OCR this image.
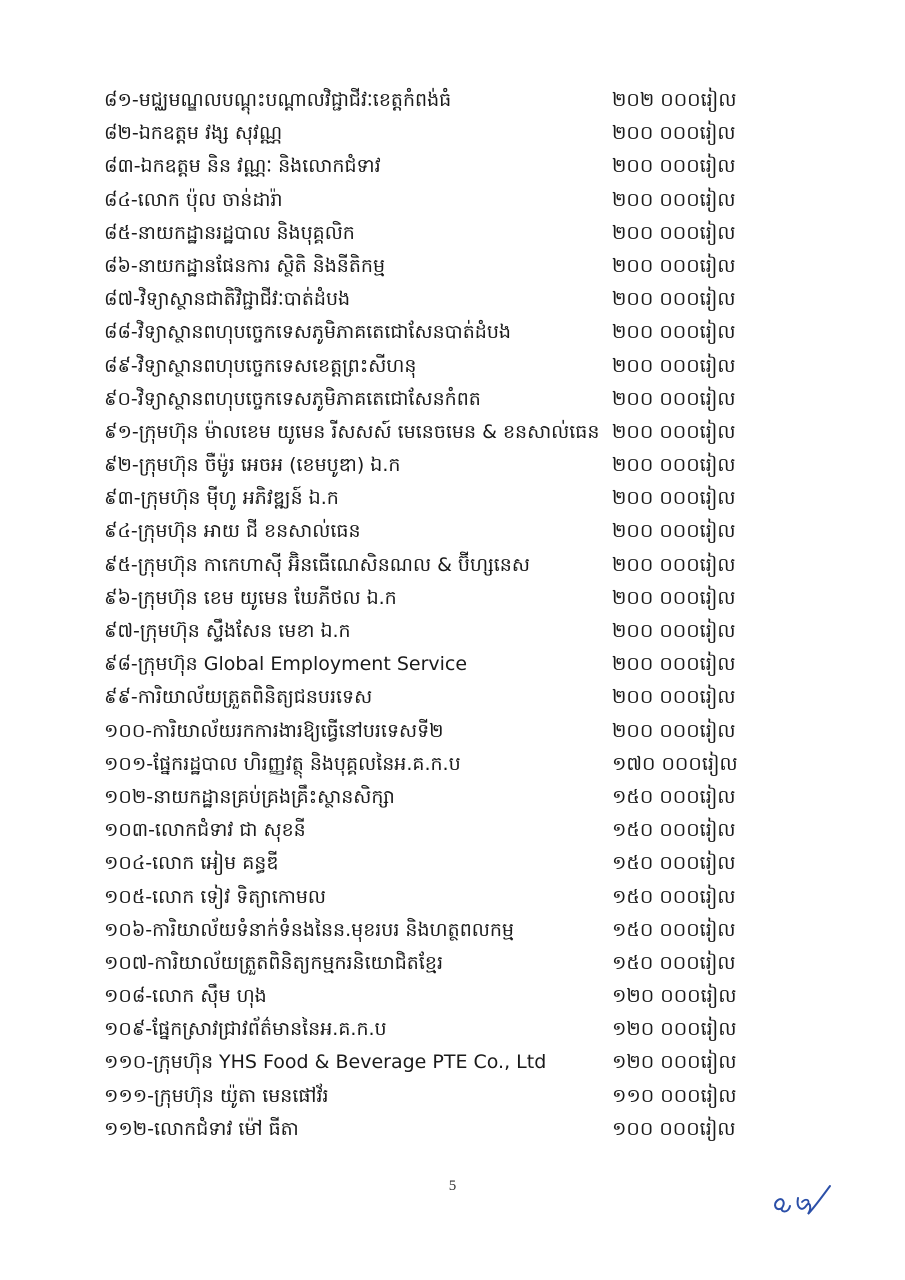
៨១-មជ្ឈមណ្ឌលបណ្តុះបណ្តាលវិជ្ជាជីវៈខេត្តកំពង់ធំ	២០២ ០០០រៀល
៨២-ឯកឧត្តម វង្ស សុវណ្ណ	២០០ ០០០រៀល
៨៣-ឯកឧត្តម និន វណ្ណៈ និងលោកជំទាវ	២០០ ០០០រៀល
៨៤-លោក ប៉ុល ចាន់ដារ៉ា	២០០ ០០០រៀល
៨៥-នាយកដ្ឋានរដ្ឋបាល និងបុគ្គលិក	២០០ ០០០រៀល
៨៦-នាយកដ្ឋានផែនការ ស្ថិតិ និងនីតិកម្ម	២០០ ០០០រៀល
៨៧-វិទ្យាស្ថានជាតិវិជ្ជាជីវៈបាត់ដំបង	២០០ ០០០រៀល
៨៨-វិទ្យាស្ថានពហុបច្ចេកទេសភូមិភាគតេជោសែនបាត់ដំបង	២០០ ០០០រៀល
៨៩-វិទ្យាស្ថានពហុបច្ចេកទេសខេត្តព្រះសីហនុ	២០០ ០០០រៀល
៩០-វិទ្យាស្ថានពហុបច្ចេកទេសភូមិភាគតេជោសែនកំពត	២០០ ០០០រៀល
៩១-ក្រុមហ៊ុន ម៉ាលខេម យូមេន រីសសស៍ មេនេចមេន & ខនសាល់ធេន ២០០ ០០០រៀល
៩២-ក្រុមហ៊ុន ចឺម៉ូរ អេចអ (ខេមបូឌា) ឯ.ក	២០០ ០០០រៀល
៩៣-ក្រុមហ៊ុន ម៉ីហូ អភិវឌ្ឍន៍ ឯ.ក	២០០ ០០០រៀល
៩៤-ក្រុមហ៊ុន អាយ ជី ខនសាល់ធេន	២០០ ០០០រៀល
៩៥-ក្រុមហ៊ុន កាកេហាស៊ី អ៊ិនធើណេសិនណល & ប៊ីហ្សនេស	២០០ ០០០រៀល
៩៦-ក្រុមហ៊ុន ខេម យូមេន ឃែភីថល ឯ.ក	២០០ ០០០រៀល
៩៧-ក្រុមហ៊ុន ស្ទឹងសែន មេខា ឯ.ក	២០០ ០០០រៀល
៩៨-ក្រុមហ៊ុន Global Employment Service	២០០ ០០០រៀល
៩៩-ការិយាល័យត្រួតពិនិត្យជនបរទេស	២០០ ០០០រៀល
១០០-ការិយាល័យរកការងារឱ្យធ្វើនៅបរទេសទី២	២០០ ០០០រៀល
១០១-ផ្នែករដ្ឋបាល ហិរញ្ញវត្ថុ និងបុគ្គលនៃអ.គ.ក.ប	១៧០ ០០០រៀល
១០២-នាយកដ្ឋានគ្រប់គ្រងគ្រឹះស្ថានសិក្សា	១៥០ ០០០រៀល
១០៣-លោកជំទាវ ជា សុខនី	១៥០ ០០០រៀល
១០៤-លោក អៀម គន្ធឌី	១៥០ ០០០រៀល
១០៥-លោក ទៀវ ទិត្យាកោមល	១៥០ ០០០រៀល
១០៦-ការិយាល័យទំនាក់ទំនងនៃន.មុខរបរ និងហត្ថពលកម្ម	១៥០ ០០០រៀល
១០៧-ការិយាល័យត្រួតពិនិត្យកម្មករនិយោជិតខ្មែរ	១៥០ ០០០រៀល
១០៨-លោក ស៊ឹម ហុង	១២០ ០០០រៀល
១០៩-ផ្នែកស្រាវជ្រាវព័ត៌មាននៃអ.គ.ក.ប	១២០ ០០០រៀល
១១០-ក្រុមហ៊ុន YHS Food & Beverage PTE Co., Ltd	១២០ ០០០រៀល
១១១-ក្រុមហ៊ុន យ៉ូតា មេនផៅវ័រ	១១០ ០០០រៀល
១១២-លោកជំទាវ ម៉ៅ ធីតា	១០០ ០០០រៀល
5
